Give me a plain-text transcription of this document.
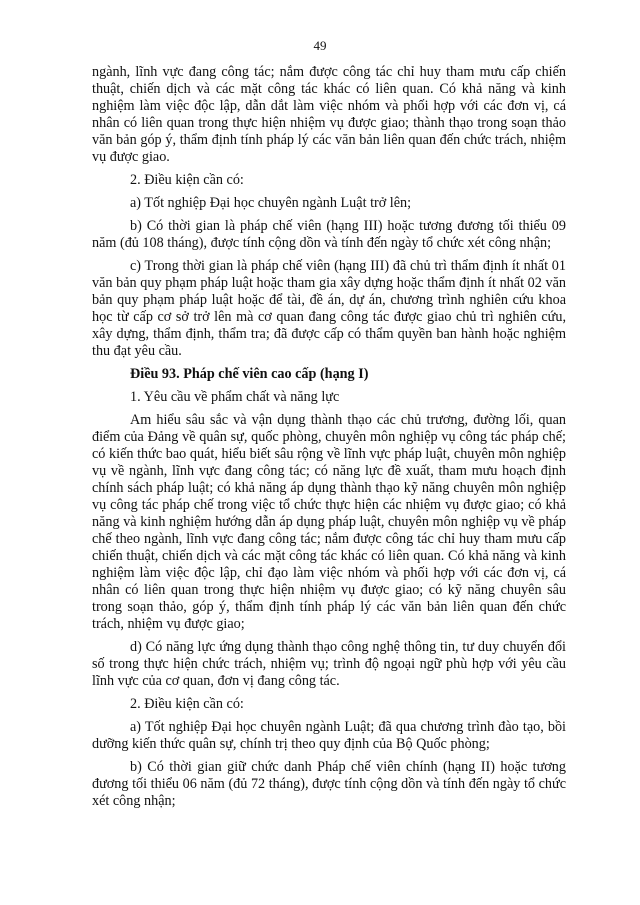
49

ngành, lĩnh vực đang công tác; nắm được công tác chỉ huy tham mưu cấp chiến thuật, chiến dịch và các mặt công tác khác có liên quan. Có khả năng và kinh nghiệm làm việc độc lập, dẫn dắt làm việc nhóm và phối hợp với các đơn vị, cá nhân có liên quan trong thực hiện nhiệm vụ được giao; thành thạo trong soạn thảo văn bản góp ý, thẩm định tính pháp lý các văn bản liên quan đến chức trách, nhiệm vụ được giao.

2. Điều kiện cần có:

a) Tốt nghiệp Đại học chuyên ngành Luật trở lên;

b) Có thời gian là pháp chế viên (hạng III) hoặc tương đương tối thiểu 09 năm (đủ 108 tháng), được tính cộng dồn và tính đến ngày tổ chức xét công nhận;

c) Trong thời gian là pháp chế viên (hạng III) đã chủ trì thẩm định ít nhất 01 văn bản quy phạm pháp luật hoặc tham gia xây dựng hoặc thẩm định ít nhất 02 văn bản quy phạm pháp luật hoặc để tài, đề án, dự án, chương trình nghiên cứu khoa học từ cấp cơ sở trở lên mà cơ quan đang công tác được giao chủ trì nghiên cứu, xây dựng, thẩm định, thẩm tra; đã được cấp có thẩm quyền ban hành hoặc nghiệm thu đạt yêu cầu.

Điều 93. Pháp chế viên cao cấp (hạng I)

1. Yêu cầu về phẩm chất và năng lực

Am hiểu sâu sắc và vận dụng thành thạo các chủ trương, đường lối, quan điểm của Đảng về quân sự, quốc phòng, chuyên môn nghiệp vụ công tác pháp chế; có kiến thức bao quát, hiểu biết sâu rộng về lĩnh vực pháp luật, chuyên môn nghiệp vụ về ngành, lĩnh vực đang công tác; có năng lực đề xuất, tham mưu hoạch định chính sách pháp luật; có khả năng áp dụng thành thạo kỹ năng chuyên môn nghiệp vụ công tác pháp chế trong việc tổ chức thực hiện các nhiệm vụ được giao; có khả năng và kinh nghiệm hướng dẫn áp dụng pháp luật, chuyên môn nghiệp vụ về pháp chế theo ngành, lĩnh vực đang công tác; nắm được công tác chỉ huy tham mưu cấp chiến thuật, chiến dịch và các mặt công tác khác có liên quan. Có khả năng và kinh nghiệm làm việc độc lập, chỉ đạo làm việc nhóm và phối hợp với các đơn vị, cá nhân có liên quan trong thực hiện nhiệm vụ được giao; có kỹ năng chuyên sâu trong soạn thảo, góp ý, thẩm định tính pháp lý các văn bản liên quan đến chức trách, nhiệm vụ được giao;

d) Có năng lực ứng dụng thành thạo công nghệ thông tin, tư duy chuyển đổi số trong thực hiện chức trách, nhiệm vụ; trình độ ngoại ngữ phù hợp với yêu cầu lĩnh vực của cơ quan, đơn vị đang công tác.

2. Điều kiện cần có:

a) Tốt nghiệp Đại học chuyên ngành Luật; đã qua chương trình đào tạo, bồi dưỡng kiến thức quân sự, chính trị theo quy định của Bộ Quốc phòng;

b) Có thời gian giữ chức danh Pháp chế viên chính (hạng II) hoặc tương đương tối thiểu 06 năm (đủ 72 tháng), được tính cộng dồn và tính đến ngày tổ chức xét công nhận;
